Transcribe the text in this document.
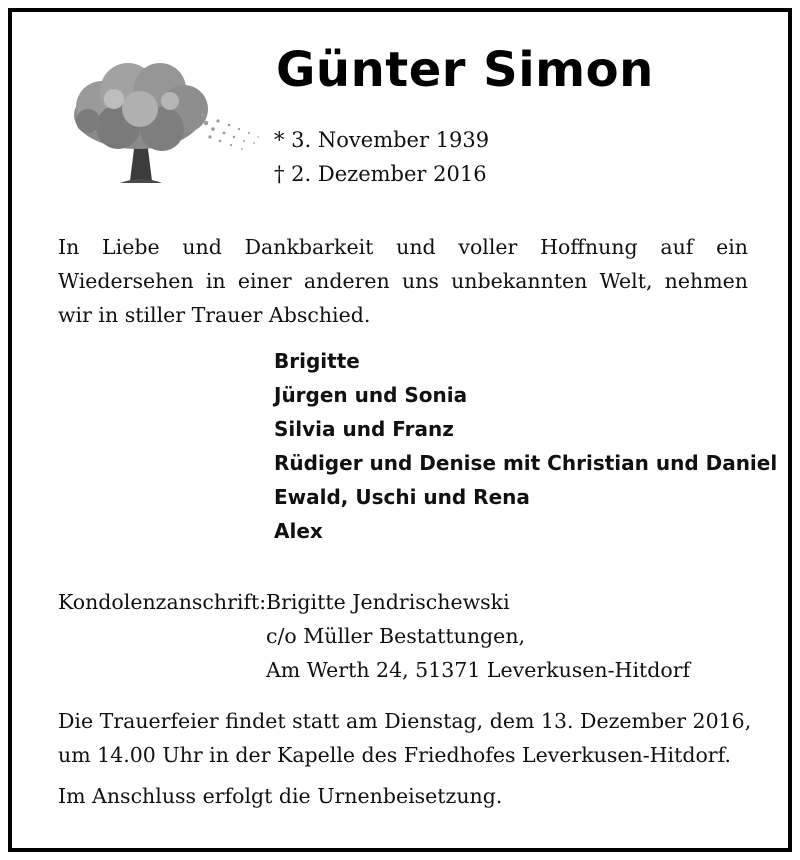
Günter Simon
* 3. November 1939
† 2. Dezember 2016
In Liebe und Dankbarkeit und voller Hoffnung auf ein Wiedersehen in einer anderen uns unbekannten Welt, nehmen wir in stiller Trauer Abschied.
Brigitte
Jürgen und Sonia
Silvia und Franz
Rüdiger und Denise mit Christian und Daniel
Ewald, Uschi und Rena
Alex
Kondolenzanschrift: Brigitte Jendrischewski
c/o Müller Bestattungen,
Am Werth 24, 51371 Leverkusen-Hitdorf
Die Trauerfeier findet statt am Dienstag, dem 13. Dezember 2016,
um 14.00 Uhr in der Kapelle des Friedhofes Leverkusen-Hitdorf.
Im Anschluss erfolgt die Urnenbeisetzung.
